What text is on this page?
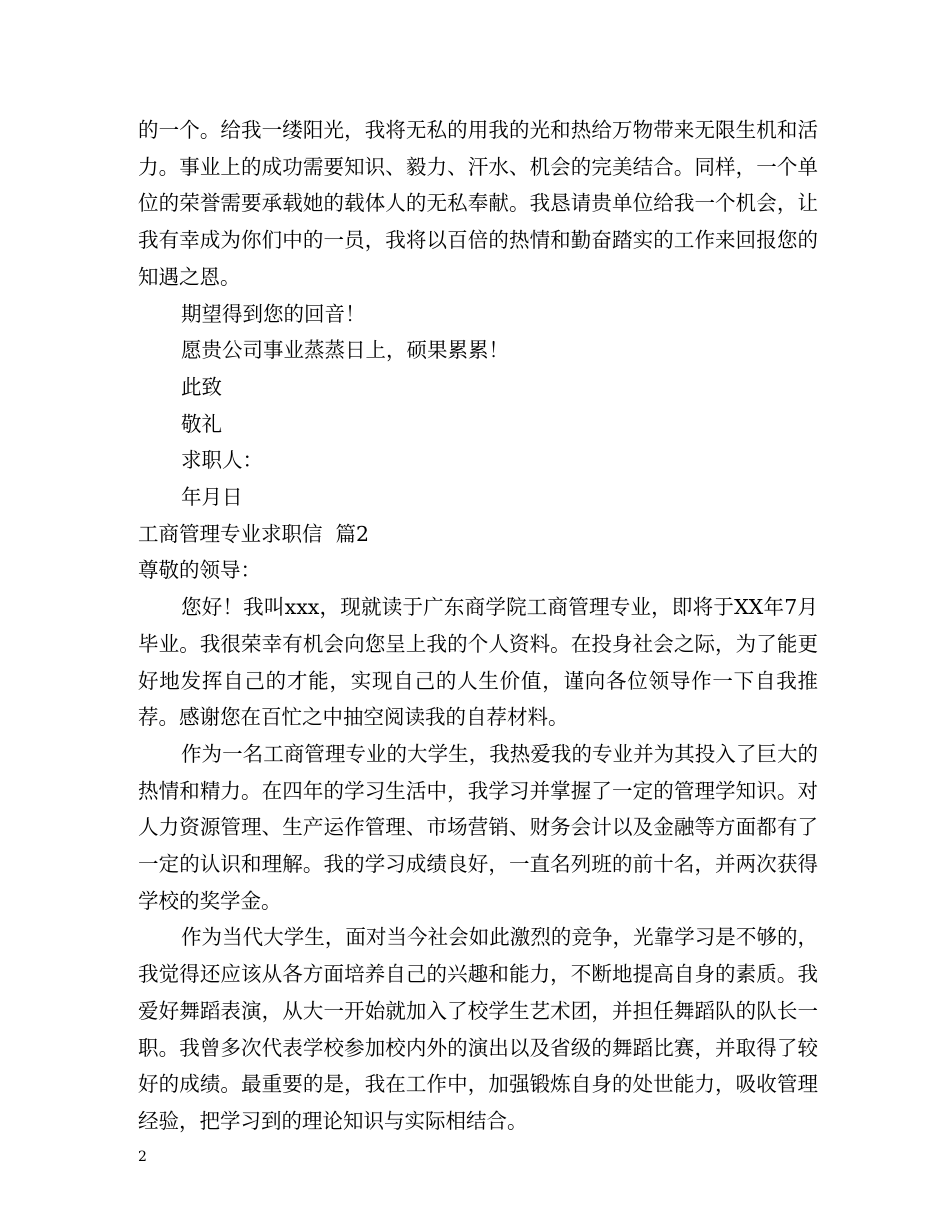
的一个。给我一缕阳光，我将无私的用我的光和热给万物带来无限生机和活力。事业上的成功需要知识、毅力、汗水、机会的完美结合。同样，一个单位的荣誉需要承载她的载体人的无私奉献。我恳请贵单位给我一个机会，让我有幸成为你们中的一员，我将以百倍的热情和勤奋踏实的工作来回报您的知遇之恩。

期望得到您的回音！

愿贵公司事业蒸蒸日上，硕果累累！

此致

敬礼

求职人：

年月日

工商管理专业求职信  篇2

尊敬的领导：

您好！我叫xxx，现就读于广东商学院工商管理专业，即将于XX年7月毕业。我很荣幸有机会向您呈上我的个人资料。在投身社会之际，为了能更好地发挥自己的才能，实现自己的人生价值，谨向各位领导作一下自我推荐。感谢您在百忙之中抽空阅读我的自荐材料。

作为一名工商管理专业的大学生，我热爱我的专业并为其投入了巨大的热情和精力。在四年的学习生活中，我学习并掌握了一定的管理学知识。对人力资源管理、生产运作管理、市场营销、财务会计以及金融等方面都有了一定的认识和理解。我的学习成绩良好，一直名列班的前十名，并两次获得学校的奖学金。

作为当代大学生，面对当今社会如此激烈的竞争，光靠学习是不够的，我觉得还应该从各方面培养自己的兴趣和能力，不断地提高自身的素质。我爱好舞蹈表演，从大一开始就加入了校学生艺术团，并担任舞蹈队的队长一职。我曾多次代表学校参加校内外的演出以及省级的舞蹈比赛，并取得了较好的成绩。最重要的是，我在工作中，加强锻炼自身的处世能力，吸收管理经验，把学习到的理论知识与实际相结合。

2
